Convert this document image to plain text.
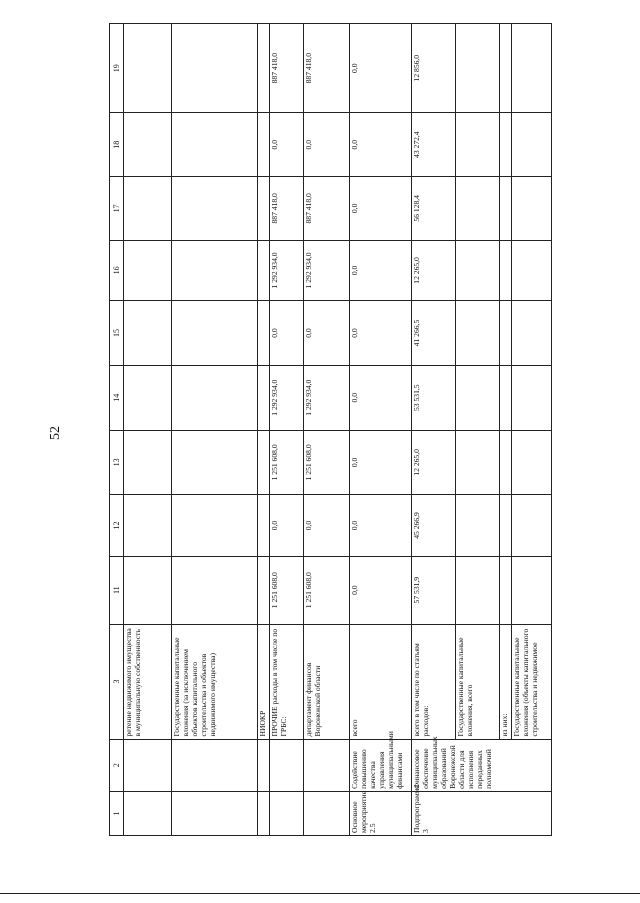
52
1	2	3	11	12	13	14	15	16	17	18	19
		ретение недвижимого имущества в муниципальную собственность									
		Государственные капитальные вложения (за исключением объектов капитального строительства и объектов недвижимого имущества)									
		НИОКР									
		ПРОЧИЕ расходы в том числе по ГРБС:	1 251 608,0	0,0	1 251 608,0	1 292 934,0	0,0	1 292 934,0	887 418,0	0,0	887 418,0
		департамент финансов Воронежской области	1 251 608,0	0,0	1 251 608,0	1 292 934,0	0,0	1 292 934,0	887 418,0	0,0	887 418,0
Основное мероприятие 2.5	Содействие повышению качества управления муниципальными финансами	всего	0,0	0,0	0,0	0,0	0,0	0,0	0,0	0,0	0,0
Подпрограмма 3	Финансовое обеспечение муниципальных образований Воронежской области для исполнения переданных полномочий	всего в том числе по статьям расходов:	57 531,9	45 266,9	12 265,0	53 531,5	41 266,5	12 265,0	56 128,4	43 272,4	12 856,0
		Государственные капитальные вложения, всего									
		из них:									
		Государственные капитальные вложения (объекты капитального строительства и недвижимое									
